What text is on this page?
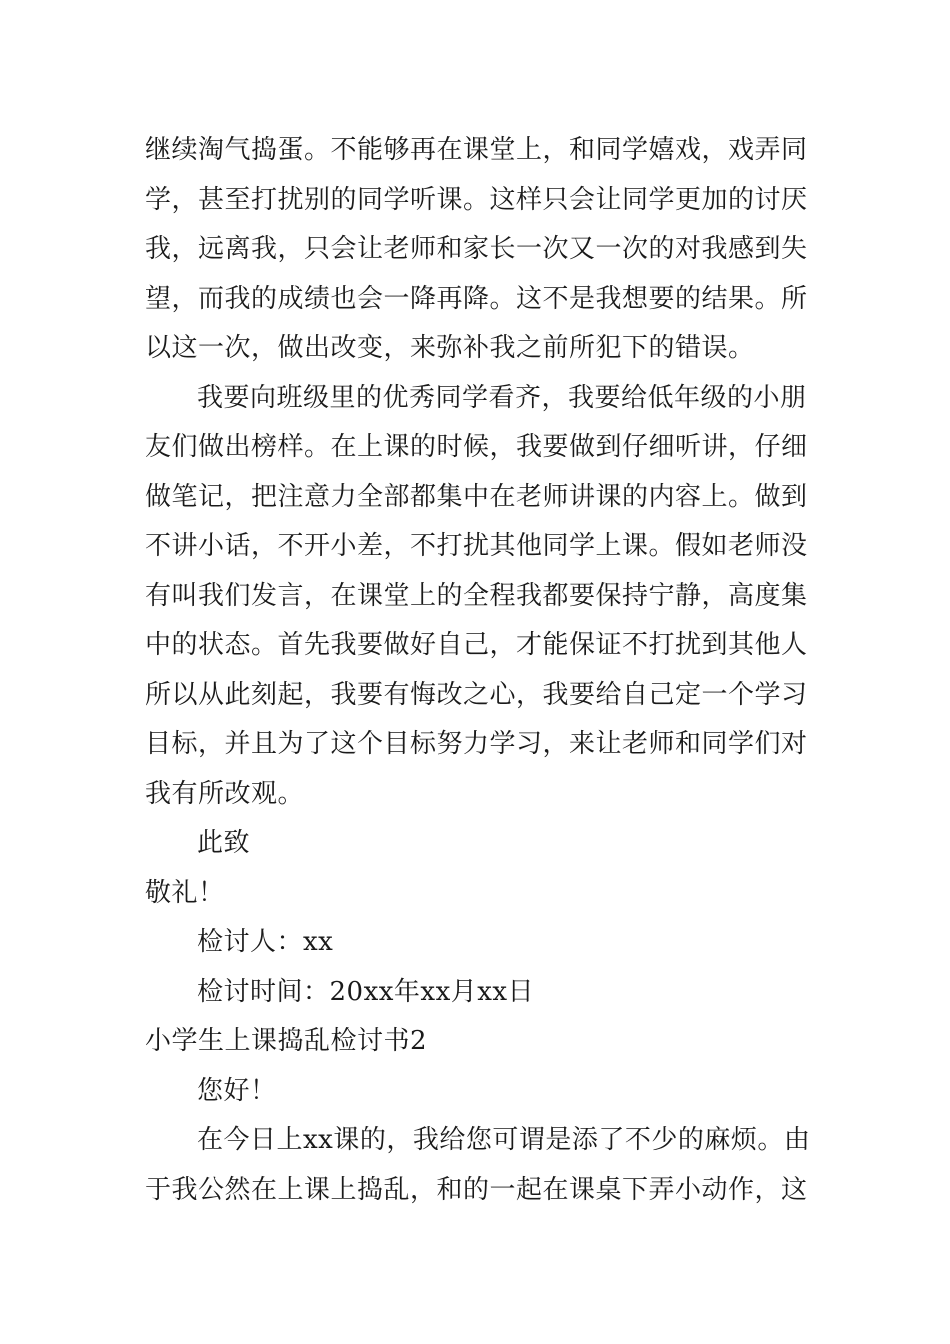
继续淘气捣蛋。不能够再在课堂上，和同学嬉戏，戏弄同
学，甚至打扰别的同学听课。这样只会让同学更加的讨厌
我，远离我，只会让老师和家长一次又一次的对我感到失
望，而我的成绩也会一降再降。这不是我想要的结果。所
以这一次，做出改变，来弥补我之前所犯下的错误。
我要向班级里的优秀同学看齐，我要给低年级的小朋
友们做出榜样。在上课的时候，我要做到仔细听讲，仔细
做笔记，把注意力全部都集中在老师讲课的内容上。做到
不讲小话，不开小差，不打扰其他同学上课。假如老师没
有叫我们发言，在课堂上的全程我都要保持宁静，高度集
中的状态。首先我要做好自己，才能保证不打扰到其他人
所以从此刻起，我要有悔改之心，我要给自己定一个学习
目标，并且为了这个目标努力学习，来让老师和同学们对
我有所改观。
此致
敬礼！
检讨人：xx
检讨时间：20xx年xx月xx日
小学生上课捣乱检讨书2
您好！
在今日上xx课的，我给您可谓是添了不少的麻烦。由
于我公然在上课上捣乱，和的一起在课桌下弄小动作，这
